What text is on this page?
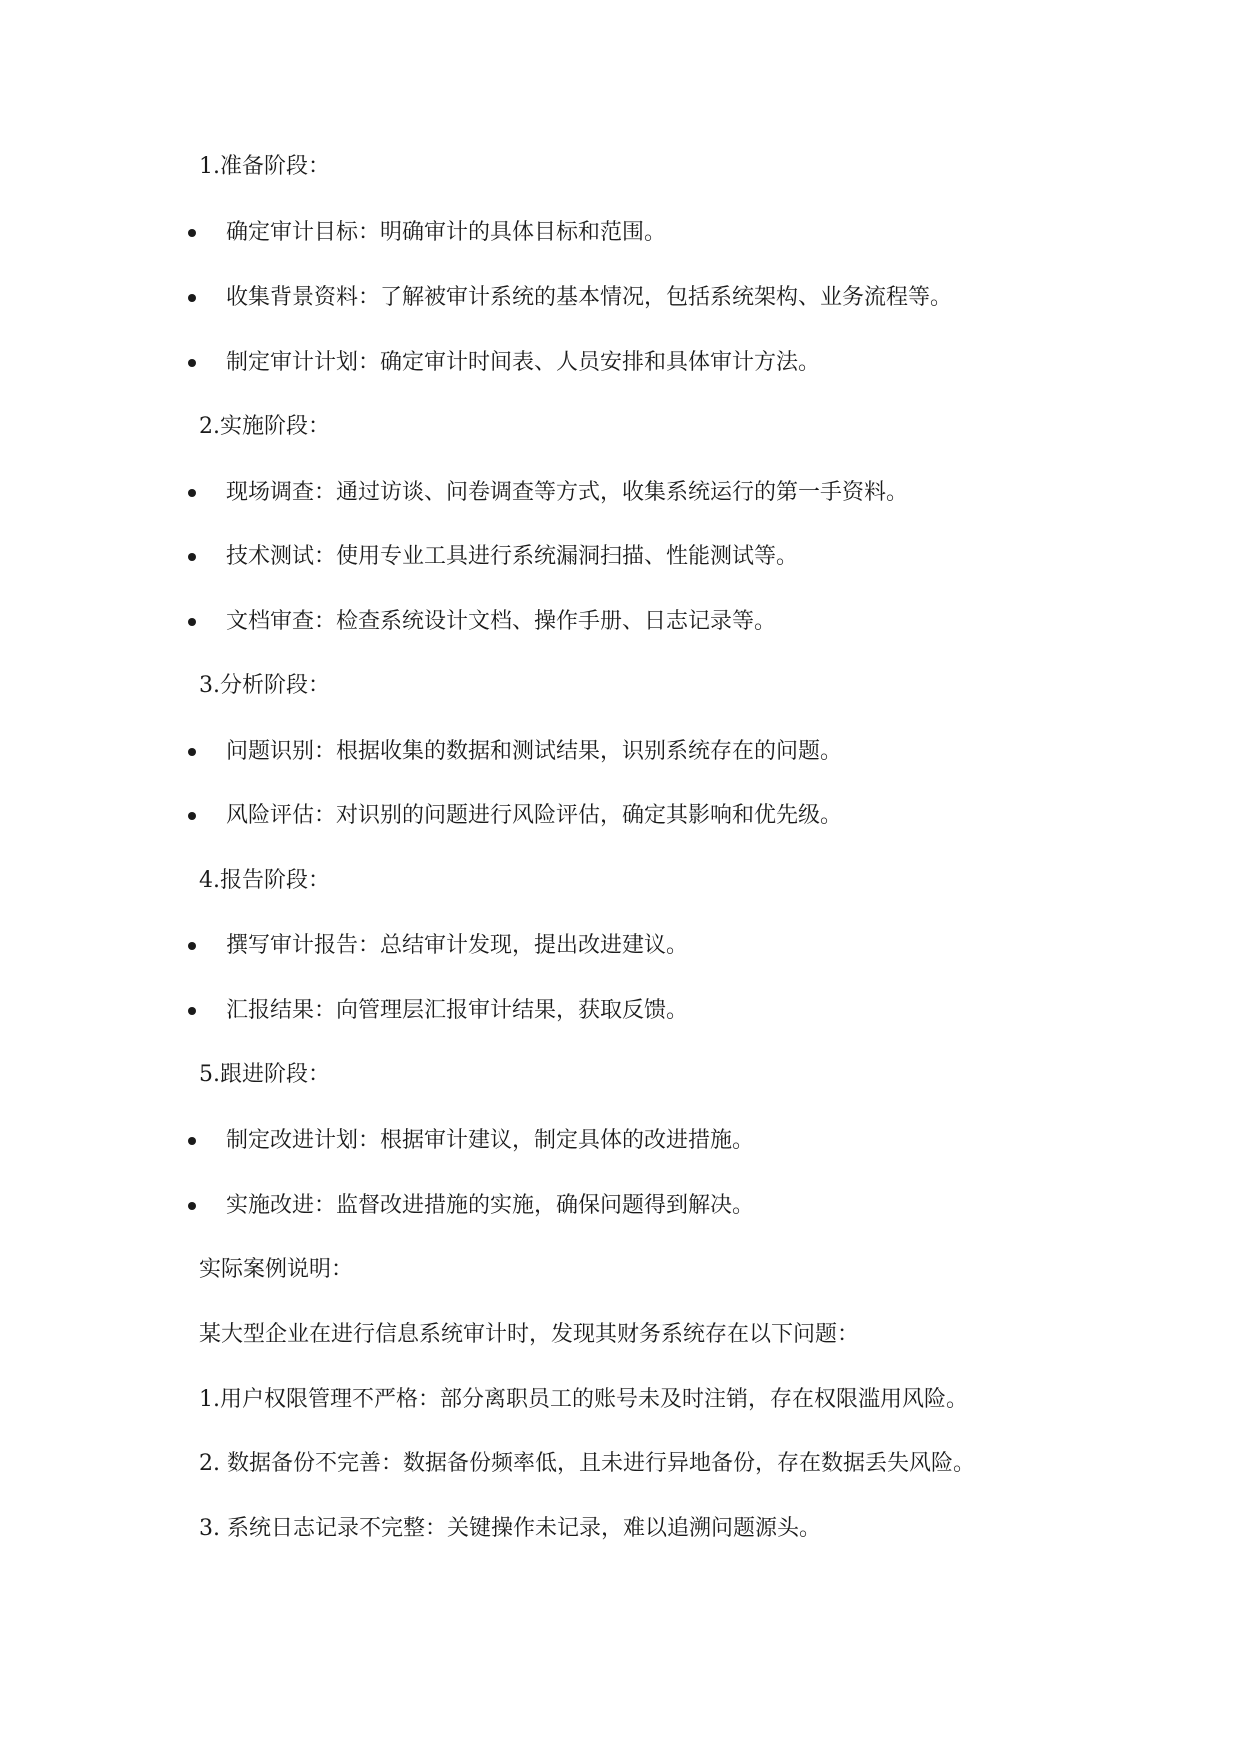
1.准备阶段：
确定审计目标：明确审计的具体目标和范围。
收集背景资料：了解被审计系统的基本情况，包括系统架构、业务流程等。
制定审计计划：确定审计时间表、人员安排和具体审计方法。
2.实施阶段：
现场调查：通过访谈、问卷调查等方式，收集系统运行的第一手资料。
技术测试：使用专业工具进行系统漏洞扫描、性能测试等。
文档审查：检查系统设计文档、操作手册、日志记录等。
3.分析阶段：
问题识别：根据收集的数据和测试结果，识别系统存在的问题。
风险评估：对识别的问题进行风险评估，确定其影响和优先级。
4.报告阶段：
撰写审计报告：总结审计发现，提出改进建议。
汇报结果：向管理层汇报审计结果，获取反馈。
5.跟进阶段：
制定改进计划：根据审计建议，制定具体的改进措施。
实施改进：监督改进措施的实施，确保问题得到解决。
实际案例说明：
某大型企业在进行信息系统审计时，发现其财务系统存在以下问题：
1.用户权限管理不严格：部分离职员工的账号未及时注销，存在权限滥用风险。
2. 数据备份不完善：数据备份频率低，且未进行异地备份，存在数据丢失风险。
3. 系统日志记录不完整：关键操作未记录，难以追溯问题源头。
